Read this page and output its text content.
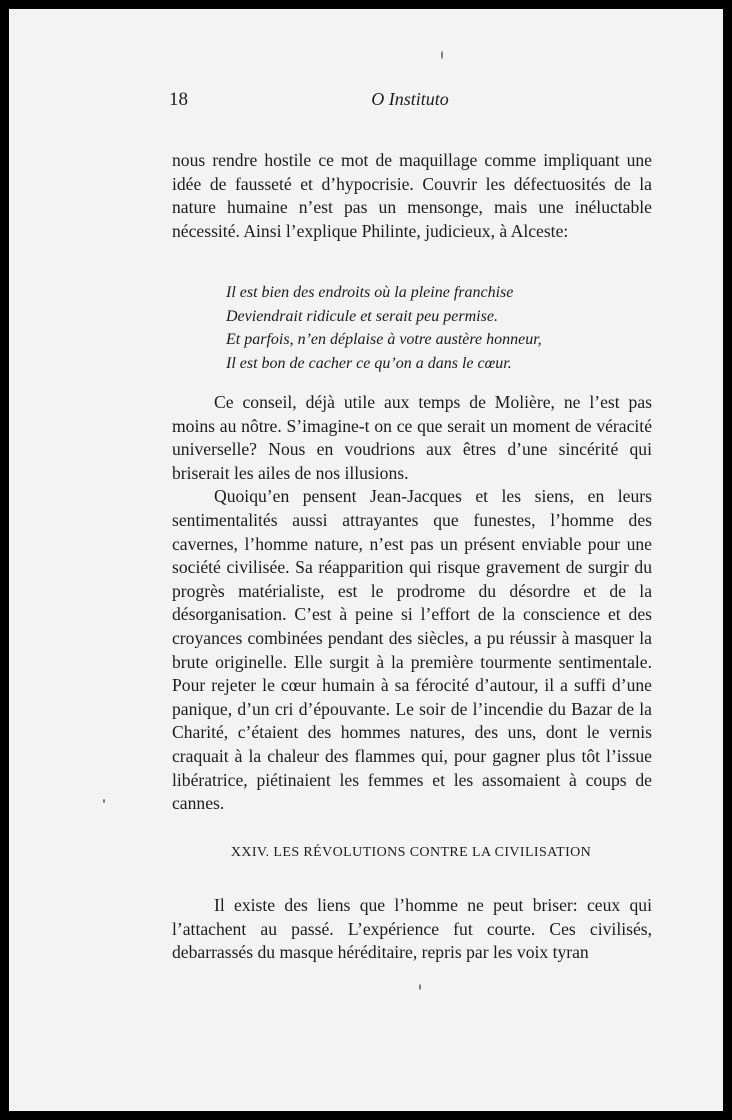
18	O Instituto

nous rendre hostile ce mot de maquillage comme impliquant une idée de fausseté et d’hypocrisie. Couvrir les défectuosités de la nature humaine n’est pas un mensonge, mais une inéluctable nécessité. Ainsi l’explique Philinte, judicieux, à Alceste:

Il est bien des endroits où la pleine franchise
Deviendrait ridicule et serait peu permise.
Et parfois, n’en déplaise à votre austère honneur,
Il est bon de cacher ce qu’on a dans le cœur.

Ce conseil, déjà utile aux temps de Molière, ne l’est pas moins au nôtre. S’imagine-t on ce que serait un moment de véracité universelle? Nous en voudrions aux êtres d’une sincérité qui briserait les ailes de nos illusions.

Quoiqu’en pensent Jean-Jacques et les siens, en leurs sentimentalités aussi attrayantes que funestes, l’homme des cavernes, l’homme nature, n’est pas un présent enviable pour une société civilisée. Sa réapparition qui risque gravement de surgir du progrès matérialiste, est le prodrome du désordre et de la désorganisation. C’est à peine si l’effort de la conscience et des croyances combinées pendant des siècles, a pu réussir à masquer la brute originelle. Elle surgit à la première tourmente sentimentale. Pour rejeter le cœur humain à sa férocité d’autour, il a suffi d’une panique, d’un cri d’épouvante. Le soir de l’incendie du Bazar de la Charité, c’étaient des hommes natures, des uns, dont le vernis craquait à la chaleur des flammes qui, pour gagner plus tôt l’issue libératrice, piétinaient les femmes et les assomaient à coups de cannes.

XXIV. LES RÉVOLUTIONS CONTRE LA CIVILISATION

Il existe des liens que l’homme ne peut briser: ceux qui l’attachent au passé. L’expérience fut courte. Ces civilisés, debarrassés du masque héréditaire, repris par les voix tyran
